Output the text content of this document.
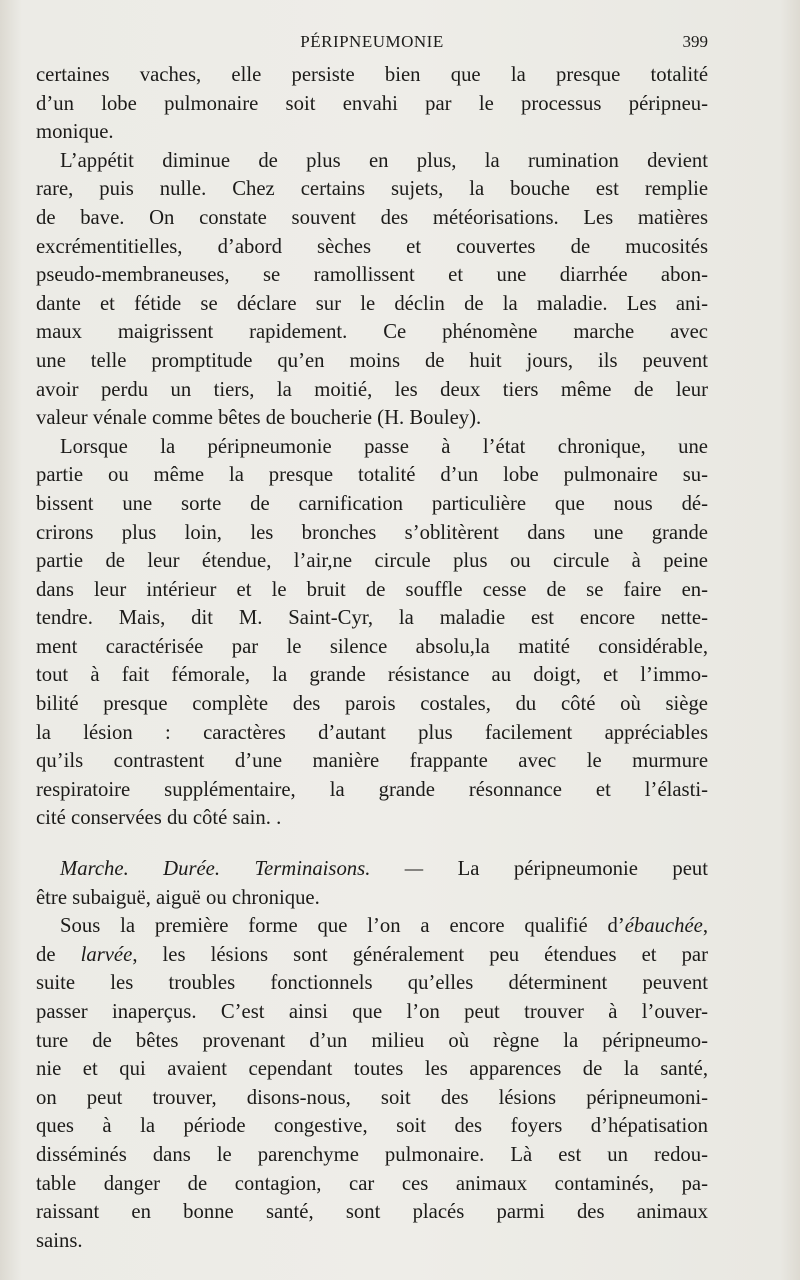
PÉRIPNEUMONIE	399
certaines vaches, elle persiste bien que la presque totalité
d’un lobe pulmonaire soit envahi par le processus péripneu-
monique.
L’appétit diminue de plus en plus, la rumination devient
rare, puis nulle. Chez certains sujets, la bouche est remplie
de bave. On constate souvent des météorisations. Les matières
excrémentitielles, d’abord sèches et couvertes de mucosités
pseudo-membraneuses, se ramollissent et une diarrhée abon-
dante et fétide se déclare sur le déclin de la maladie. Les ani-
maux maigrissent rapidement. Ce phénomène marche avec
une telle promptitude qu’en moins de huit jours, ils peuvent
avoir perdu un tiers, la moitié, les deux tiers même de leur
valeur vénale comme bêtes de boucherie (H. Bouley).
Lorsque la péripneumonie passe à l’état chronique, une
partie ou même la presque totalité d’un lobe pulmonaire su-
bissent une sorte de carnification particulière que nous dé-
crirons plus loin, les bronches s’oblitèrent dans une grande
partie de leur étendue, l’air,ne circule plus ou circule à peine
dans leur intérieur et le bruit de souffle cesse de se faire en-
tendre. Mais, dit M. Saint-Cyr, la maladie est encore nette-
ment caractérisée par le silence absolu,la matité considérable,
tout à fait fémorale, la grande résistance au doigt, et l’immo-
bilité presque complète des parois costales, du côté où siège
la lésion : caractères d’autant plus facilement appréciables
qu’ils contrastent d’une manière frappante avec le murmure
respiratoire supplémentaire, la grande résonnance et l’élasti-
cité conservées du côté sain. .
Marche. Durée. Terminaisons. — La péripneumonie peut
être subaiguë, aiguë ou chronique.
Sous la première forme que l’on a encore qualifié d’ébauchée,
de larvée, les lésions sont généralement peu étendues et par
suite les troubles fonctionnels qu’elles déterminent peuvent
passer inaperçus. C’est ainsi que l’on peut trouver à l’ouver-
ture de bêtes provenant d’un milieu où règne la péripneumo-
nie et qui avaient cependant toutes les apparences de la santé,
on peut trouver, disons-nous, soit des lésions péripneumoni-
ques à la période congestive, soit des foyers d’hépatisation
disséminés dans le parenchyme pulmonaire. Là est un redou-
table danger de contagion, car ces animaux contaminés, pa-
raissant en bonne santé, sont placés parmi des animaux
sains.
